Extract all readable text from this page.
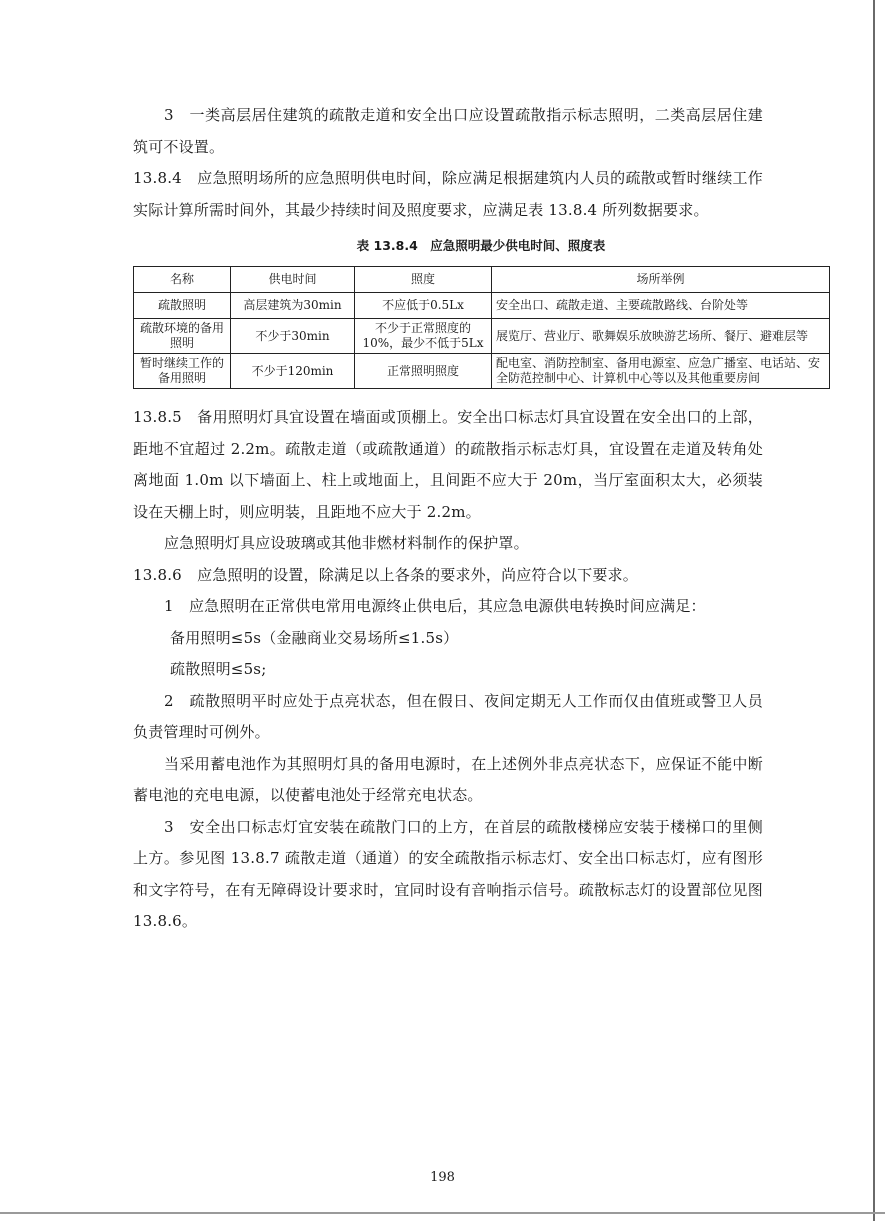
3　一类高层居住建筑的疏散走道和安全出口应设置疏散指示标志照明，二类高层居住建筑可不设置。

13.8.4　应急照明场所的应急照明供电时间，除应满足根据建筑内人员的疏散或暂时继续工作实际计算所需时间外，其最少持续时间及照度要求，应满足表 13.8.4 所列数据要求。

表 13.8.4　应急照明最少供电时间、照度表
名称	供电时间	照度	场所举例
疏散照明	高层建筑为30min	不应低于0.5Lx	安全出口、疏散走道、主要疏散路线、台阶处等
疏散环境的备用照明	不少于30min	不少于正常照度的10%，最少不低于5Lx	展览厅、营业厅、歌舞娱乐放映游艺场所、餐厅、避难层等
暂时继续工作的备用照明	不少于120min	正常照明照度	配电室、消防控制室、备用电源室、应急广播室、电话站、安全防范控制中心、计算机中心等以及其他重要房间

13.8.5　备用照明灯具宜设置在墙面或顶棚上。安全出口标志灯具宜设置在安全出口的上部，距地不宜超过 2.2m。疏散走道（或疏散通道）的疏散指示标志灯具，宜设置在走道及转角处离地面 1.0m 以下墙面上、柱上或地面上，且间距不应大于 20m，当厅室面积太大，必须装设在天棚上时，则应明装，且距地不应大于 2.2m。

应急照明灯具应设玻璃或其他非燃材料制作的保护罩。

13.8.6　应急照明的设置，除满足以上各条的要求外，尚应符合以下要求。

1　应急照明在正常供电常用电源终止供电后，其应急电源供电转换时间应满足：

备用照明≤5s（金融商业交易场所≤1.5s）

疏散照明≤5s;

2　疏散照明平时应处于点亮状态，但在假日、夜间定期无人工作而仅由值班或警卫人员负责管理时可例外。

当采用蓄电池作为其照明灯具的备用电源时，在上述例外非点亮状态下，应保证不能中断蓄电池的充电电源，以使蓄电池处于经常充电状态。

3　安全出口标志灯宜安装在疏散门口的上方，在首层的疏散楼梯应安装于楼梯口的里侧上方。参见图 13.8.7 疏散走道（通道）的安全疏散指示标志灯、安全出口标志灯，应有图形和文字符号，在有无障碍设计要求时，宜同时设有音响指示信号。疏散标志灯的设置部位见图 13.8.6。

198
